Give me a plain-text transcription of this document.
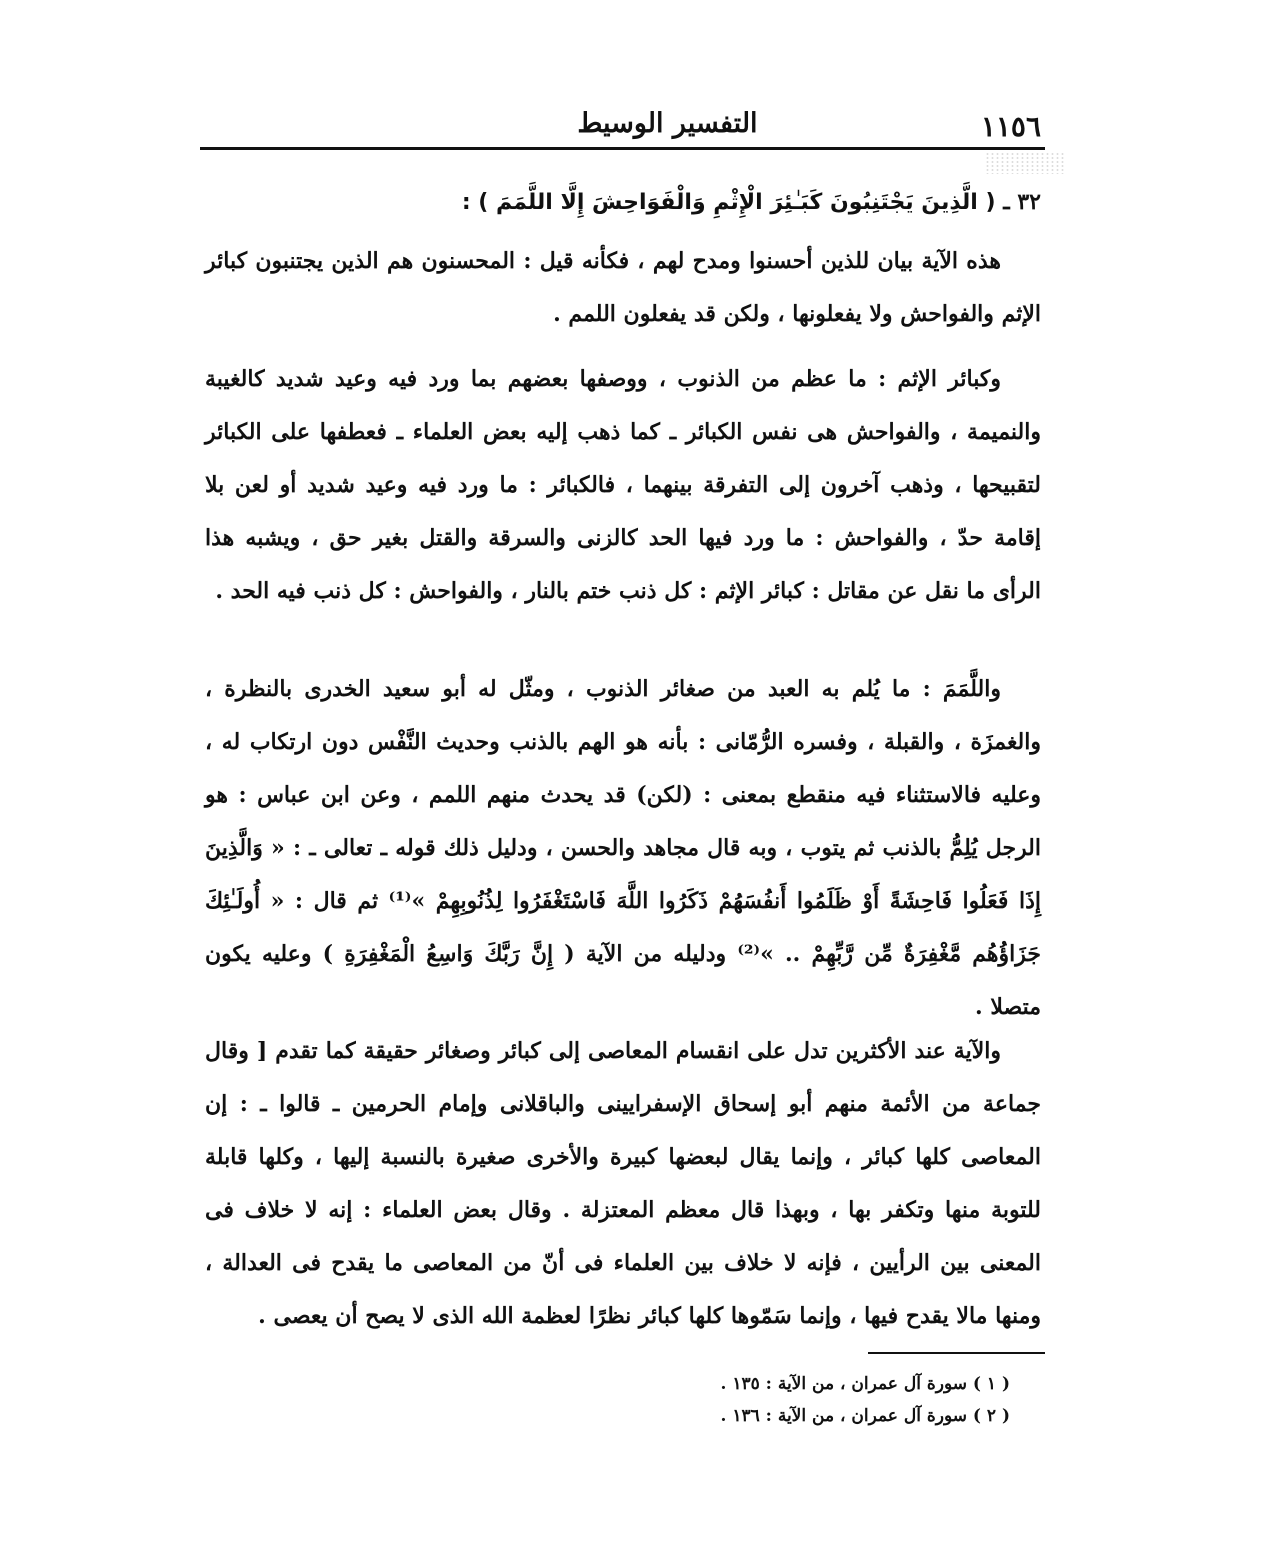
١١٥٦
التفسير الوسيط
٣٢ ـ ( الَّذِينَ يَجْتَنِبُونَ كَبَـٰئِرَ الْإِثْمِ وَالْفَوَاحِشَ إِلَّا اللَّمَمَ ) :

هذه الآية بيان للذين أحسنوا ومدح لهم ، فكأنه قيل : المحسنون هم الذين يجتنبون كبائر الإثم والفواحش ولا يفعلونها ، ولكن قد يفعلون اللمم .

وكبائر الإثم : ما عظم من الذنوب ، ووصفها بعضهم بما ورد فيه وعيد شديد كالغيبة والنميمة ، والفواحش هى نفس الكبائر ـ كما ذهب إليه بعض العلماء ـ فعطفها على الكبائر لتقبيحها ، وذهب آخرون إلى التفرقة بينهما ، فالكبائر : ما ورد فيه وعيد شديد أو لعن بلا إقامة حدّ ، والفواحش : ما ورد فيها الحد كالزنى والسرقة والقتل بغير حق ، ويشبه هذا الرأى ما نقل عن مقاتل : كبائر الإثم : كل ذنب ختم بالنار ، والفواحش : كل ذنب فيه الحد .

واللَّمَمَ : ما يُلم به العبد من صغائر الذنوب ، ومثّل له أبو سعيد الخدرى بالنظرة ، والغمزَة ، والقبلة ، وفسره الرُّمّانى : بأنه هو الهم بالذنب وحديث النَّفْس دون ارتكاب له ، وعليه فالاستثناء فيه منقطع بمعنى : (لكن) قد يحدث منهم اللمم ، وعن ابن عباس : هو الرجل يُلِمُّ بالذنب ثم يتوب ، وبه قال مجاهد والحسن ، ودليل ذلك قوله ـ تعالى ـ : « وَالَّذِينَ إِذَا فَعَلُوا فَاحِشَةً أَوْ ظَلَمُوا أَنفُسَهُمْ ذَكَرُوا اللَّهَ فَاسْتَغْفَرُوا لِذُنُوبِهِمْ »⁽¹⁾ ثم قال : « أُولَـٰئِكَ جَزَاؤُهُم مَّغْفِرَةٌ مِّن رَّبِّهِمْ .. »⁽²⁾ ودليله من الآية ( إِنَّ رَبَّكَ وَاسِعُ الْمَغْفِرَةِ ) وعليه يكون متصلا .

والآية عند الأكثرين تدل على انقسام المعاصى إلى كبائر وصغائر حقيقة كما تقدم [ وقال جماعة من الأئمة منهم أبو إسحاق الإسفرايينى والباقلانى وإمام الحرمين ـ قالوا ـ : إن المعاصى كلها كبائر ، وإنما يقال لبعضها كبيرة والأخرى صغيرة بالنسبة إليها ، وكلها قابلة للتوبة منها وتكفر بها ، وبهذا قال معظم المعتزلة . وقال بعض العلماء : إنه لا خلاف فى المعنى بين الرأيين ، فإنه لا خلاف بين العلماء فى أنّ من المعاصى ما يقدح فى العدالة ، ومنها مالا يقدح فيها ، وإنما سَمّوها كلها كبائر نظرًا لعظمة الله الذى لا يصح أن يعصى .

( ١ ) سورة آل عمران ، من الآية : ١٣٥ .

( ٢ ) سورة آل عمران ، من الآية : ١٣٦ .
